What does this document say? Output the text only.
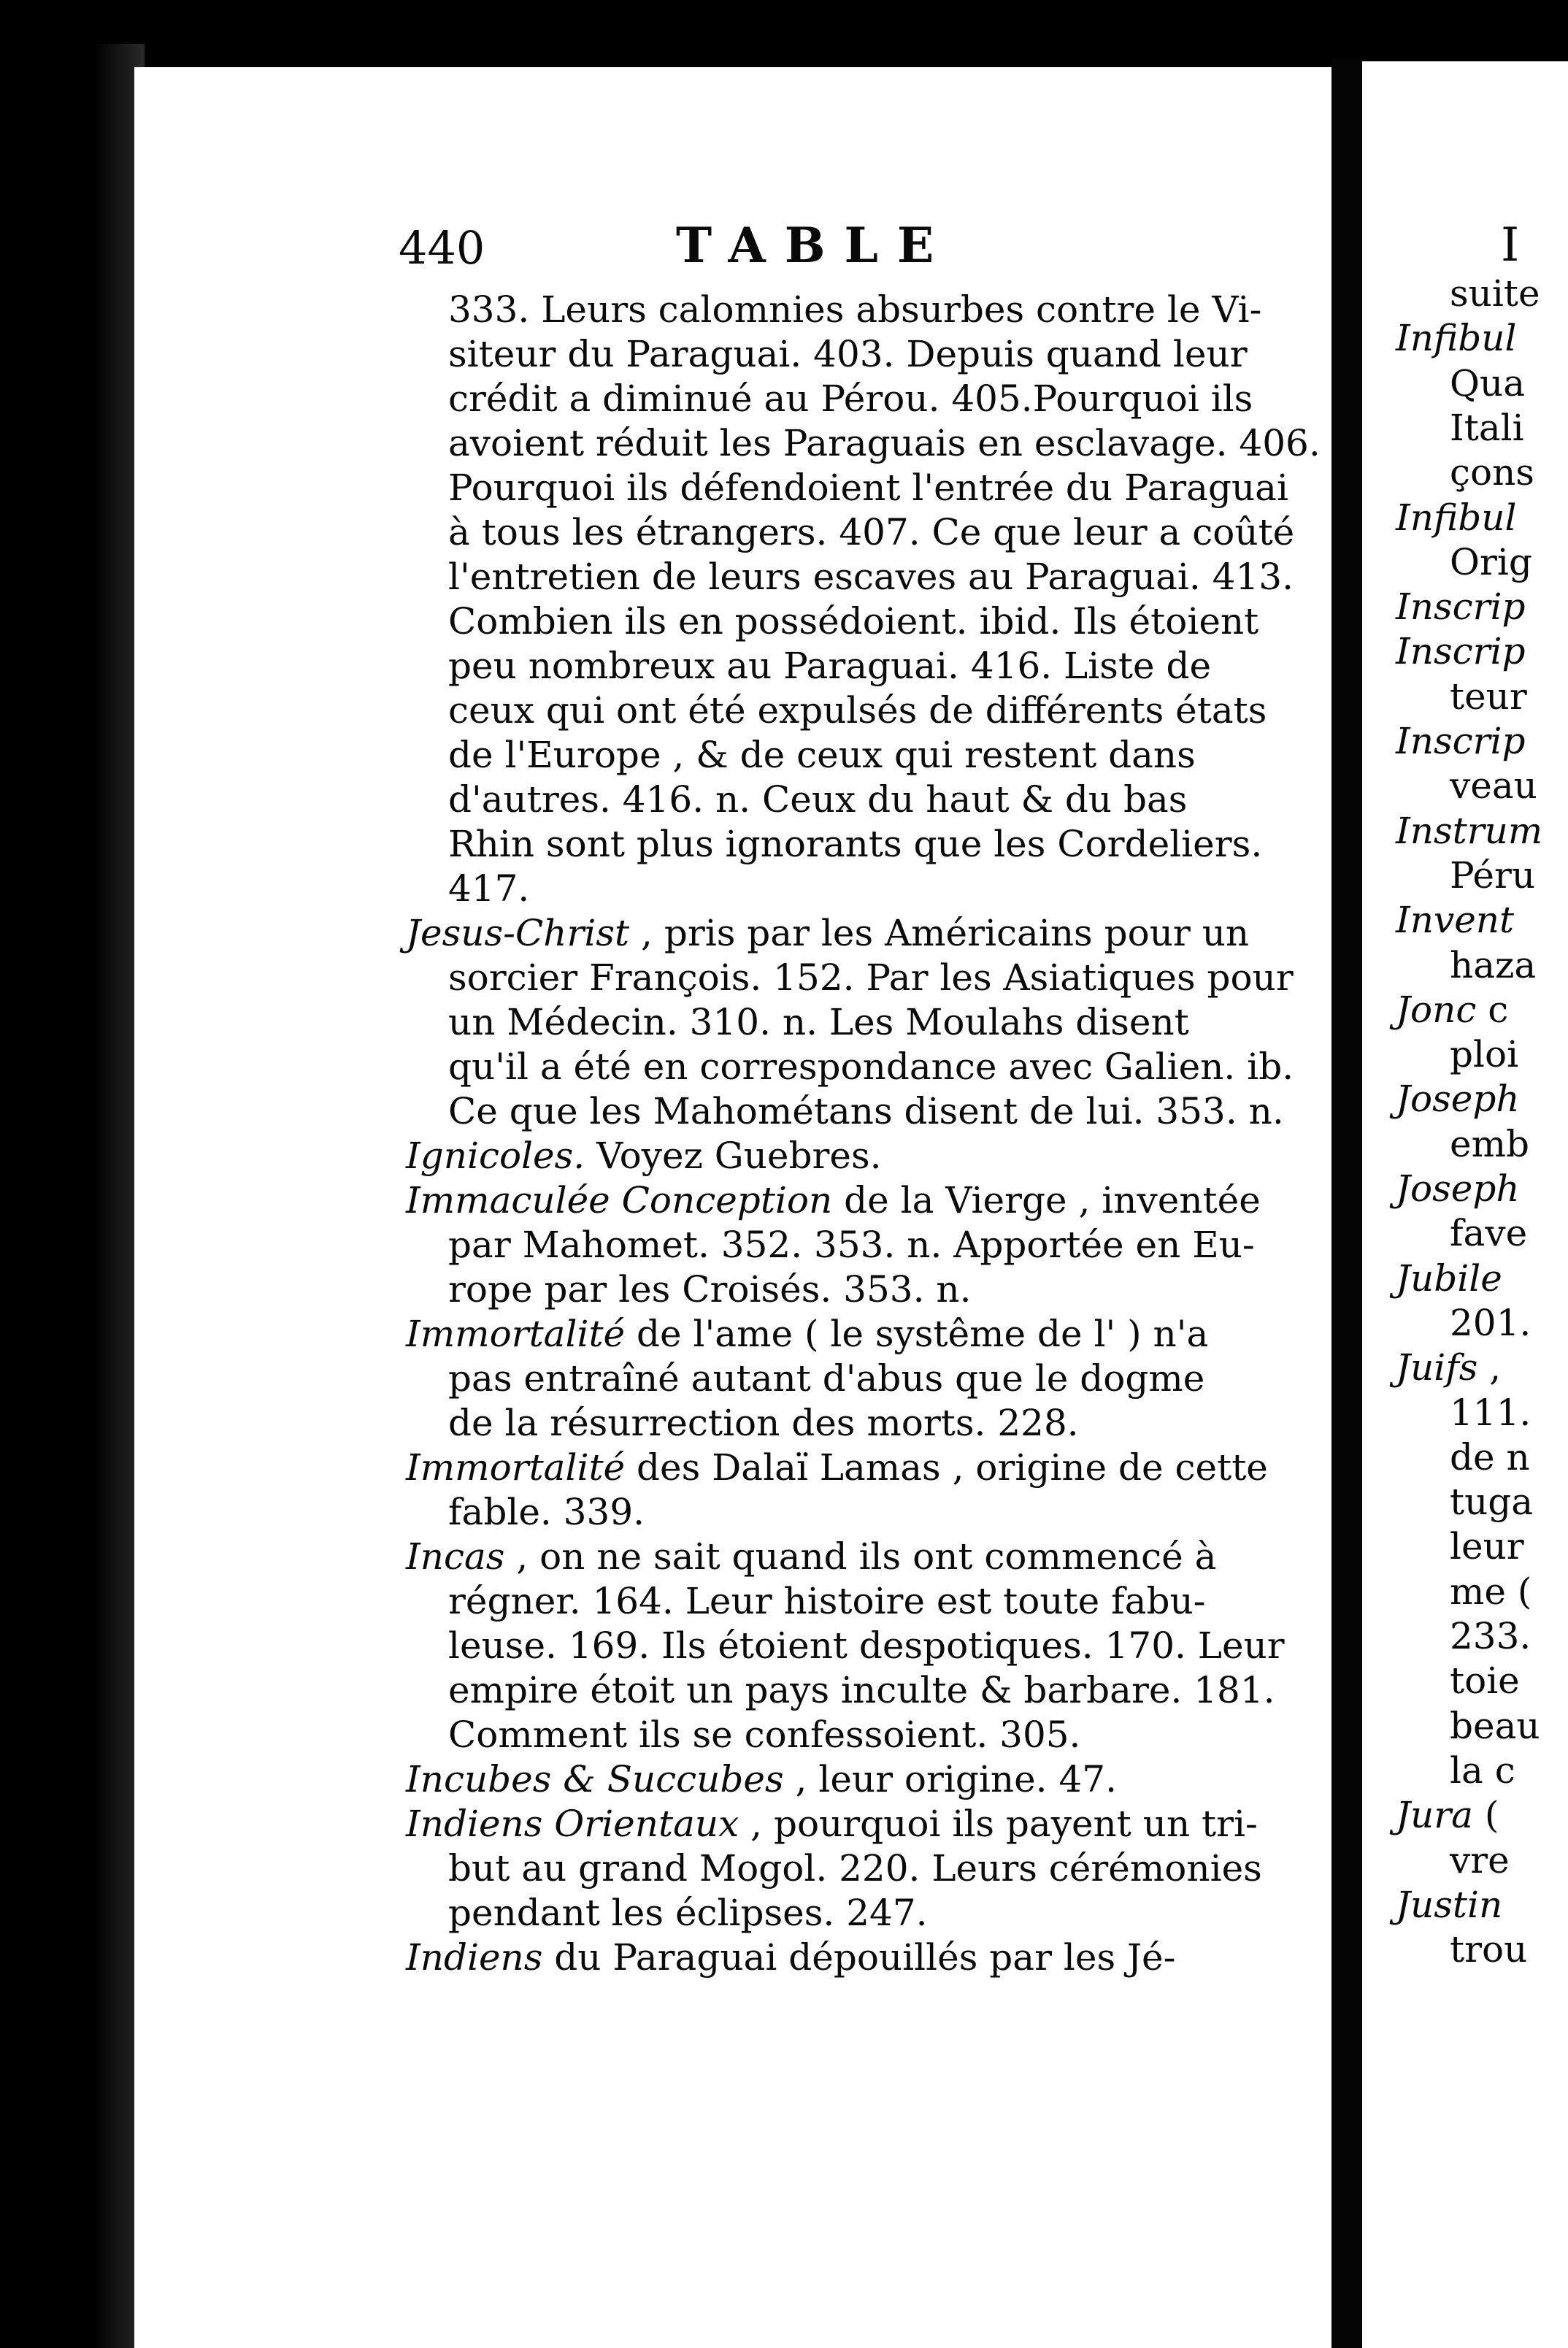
440	TABLE
333. Leurs calomnies absurbes contre le Vi-
siteur du Paraguai. 403. Depuis quand leur
crédit a diminué au Pérou. 405.Pourquoi ils
avoient réduit les Paraguais en esclavage. 406.
Pourquoi ils défendoient l'entrée du Paraguai
à tous les étrangers. 407. Ce que leur a coûté
l'entretien de leurs escaves au Paraguai. 413.
Combien ils en possédoient. ibid. Ils étoient
peu nombreux au Paraguai. 416. Liste de
ceux qui ont été expulsés de différents états
de l'Europe , & de ceux qui restent dans
d'autres. 416. n. Ceux du haut & du bas
Rhin sont plus ignorants que les Cordeliers.
417.
Jesus-Christ , pris par les Américains pour un
sorcier François. 152. Par les Asiatiques pour
un Médecin. 310. n. Les Moulahs disent
qu'il a été en correspondance avec Galien. ib.
Ce que les Mahométans disent de lui. 353. n.
Ignicoles. Voyez Guebres.
Immaculée Conception de la Vierge , inventée
par Mahomet. 352. 353. n. Apportée en Eu-
rope par les Croisés. 353. n.
Immortalité de l'ame ( le systême de l' ) n'a
pas entraîné autant d'abus que le dogme
de la résurrection des morts. 228.
Immortalité des Dalaï Lamas , origine de cette
fable. 339.
Incas , on ne sait quand ils ont commencé à
régner. 164. Leur histoire est toute fabu-
leuse. 169. Ils étoient despotiques. 170. Leur
empire étoit un pays inculte & barbare. 181.
Comment ils se confessoient. 305.
Incubes & Succubes , leur origine. 47.
Indiens Orientaux , pourquoi ils payent un tri-
but au grand Mogol. 220. Leurs cérémonies
pendant les éclipses. 247.
Indiens du Paraguai dépouillés par les Jé-
I
suite
Infibul
Qua
Itali
çons
Infibul
Orig
Inscrip
Inscrip
teur
Inscrip
veau
Instrum
Péru
Invent
haza
Jonc c
ploi
Joseph
emb
Joseph
fave
Jubile
201.
Juifs ,
111.
de n
tuga
leur
me (
233.
toie
beau
la c
Jura (
vre
Justin
trou
